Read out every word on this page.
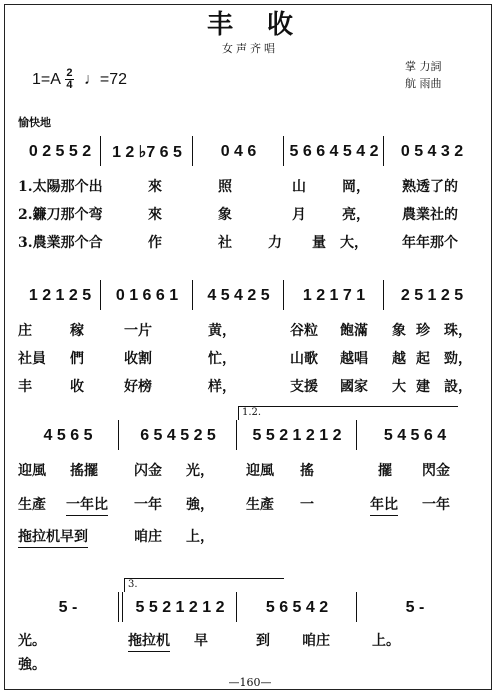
丰收
女声齐唱
$1=A \frac{2}{4}$ ♩=72
掌 力詞
航 雨曲
愉快地
0 2 5 5 2	1 2 ♭7 6 5	0 4 6	5 6 6 4 5 4 2	0 5 4 3 2
1.太陽那个出	來	照	山	岡， 熟透了的
2.鐮刀那个弯	來	象	月	亮， 農業社的
3.農業那个合	作	社	力 量 大， 年年那个
1 2 1 2 5	0 1 6 6 1	4 5 4 2 5	1 2 1 7 1	2 5 1 2 5
庄	稼	一片	黄，	谷粒 飽滿 象 珍 珠，
社員 們	收割	忙，	山歌 越唱 越 起 勁，
丰	收	好榜	样，	支援 國家 大 建 設，
1.2.
4 5 6 5	6 5 4 5 2 5	5 5 2 1 2 1 2	5 4 5 6 4
迎風 搖擺	闪金 光， 迎風 搖	擺 閃金
生產 一年比 一年 強， 生產 一	年比 一年
拖拉机早到	咱庄 上，
3.
5 -	5 5 2 1 2 1 2	5 6 5 4 2	5 -
光。	拖拉机 早	到 咱庄	上。
強。
—160—
